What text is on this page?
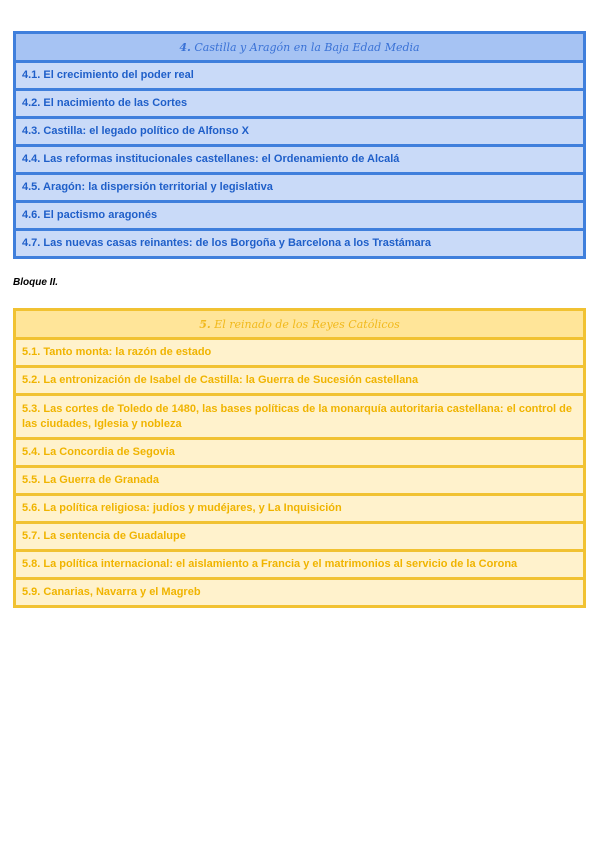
4. Castilla y Aragón en la Baja Edad Media
4.1. El crecimiento del poder real
4.2. El nacimiento de las Cortes
4.3. Castilla: el legado político de Alfonso X
4.4. Las reformas institucionales castellanes: el Ordenamiento de Alcalá
4.5. Aragón: la dispersión territorial y legislativa
4.6. El pactismo aragonés
4.7. Las nuevas casas reinantes: de los Borgoña y Barcelona a los Trastámara
Bloque II.
5. El reinado de los Reyes Católicos
5.1. Tanto monta: la razón de estado
5.2. La entronización de Isabel de Castilla: la Guerra de Sucesión castellana
5.3. Las cortes de Toledo de 1480, las bases políticas de la monarquía autoritaria castellana: el control de las ciudades, Iglesia y nobleza
5.4. La Concordia de Segovia
5.5. La Guerra de Granada
5.6. La política religiosa: judíos y mudéjares, y La Inquisición
5.7. La sentencia de Guadalupe
5.8. La política internacional: el aislamiento a Francia y el matrimonios al servicio de la Corona
5.9. Canarias, Navarra y el Magreb
